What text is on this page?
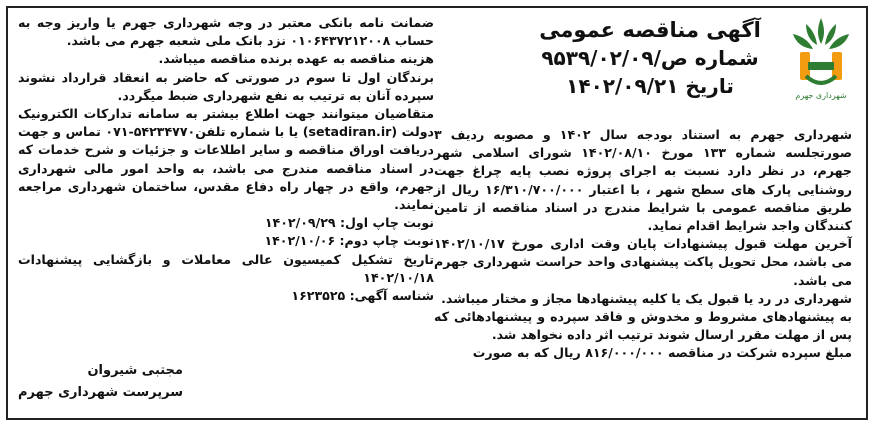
شهرداری جهرم
آگهی مناقصه عمومی
شماره ص/۹۵۳۹/۰۲/۰۹
تاریخ ۱۴۰۲/۰۹/۲۱

شهرداری جهرم به استناد بودجه سال ۱۴۰۲ و مصوبه ردیف ۳ صورتجلسه شماره ۱۳۳ مورخ ۱۴۰۲/۰۸/۱۰ شورای اسلامی شهر جهرم، در نظر دارد نسبت به اجرای پروژه نصب پایه چراغ جهت روشنایی پارک های سطح شهر ، با اعتبار ۱۶/۳۱۰/۷۰۰/۰۰۰ ریال از طریق مناقصه عمومی با شرایط مندرج در اسناد مناقصه از تامین کنندگان واجد شرایط اقدام نماید.

آخرین مهلت قبول پیشنهادات پایان وقت اداری مورخ ۱۴۰۲/۱۰/۱۷ می باشد، محل تحویل پاکت پیشنهادی واحد حراست شهرداری جهرم می باشد.

شهرداری در رد یا قبول یک یا کلیه پیشنهادها مجاز و مختار میباشد.

به پیشنهادهای مشروط و مخدوش و فاقد سپرده و پیشنهادهائی که پس از مهلت مقرر ارسال شوند ترتیب اثر داده نخواهد شد.

مبلغ سپرده شرکت در مناقصه ۸۱۶/۰۰۰/۰۰۰ ریال که به صورت

ضمانت نامه بانکی معتبر در وجه شهرداری جهرم یا واریز وجه به حساب ۰۱۰۶۴۳۷۲۱۲۰۰۸ نزد بانک ملی شعبه جهرم می باشد.

هزینه مناقصه به عهده برنده مناقصه میباشد.

برندگان اول تا سوم در صورتی که حاضر به انعقاد قرارداد نشوند سپرده آنان به ترتیب به نفع شهرداری ضبط میگردد.

متقاضیان میتوانند جهت اطلاع بیشتر به سامانه تدارکات الکترونیک دولت (setadiran.ir) یا با شماره تلفن۵۴۲۳۴۷۷۰-۰۷۱ تماس و جهت دریافت اوراق مناقصه و سایر اطلاعات و جزئیات و شرح خدمات که در اسناد مناقصه مندرج می باشد، به واحد امور مالی شهرداری جهرم، واقع در چهار راه دفاع مقدس، ساختمان شهرداری مراجعه نمایند.

نوبت چاپ اول: ۱۴۰۲/۰۹/۲۹

نوبت چاپ دوم: ۱۴۰۲/۱۰/۰۶

تاریخ تشکیل کمیسیون عالی معاملات و بازگشایی پیشنهادات ۱۴۰۲/۱۰/۱۸

شناسه آگهی: ۱۶۲۳۵۲۵

مجتبی شیروان
سرپرست شهرداری جهرم
